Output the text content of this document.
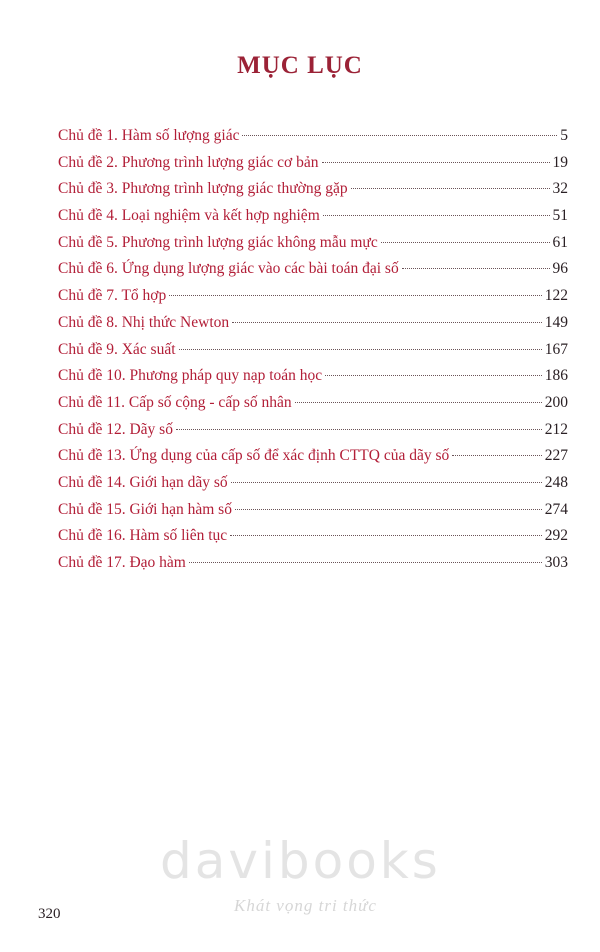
MỤC LỤC
Chủ đề 1. Hàm số lượng giác	5
Chủ đề 2. Phương trình lượng giác cơ bản	19
Chủ đề 3. Phương trình lượng giác thường gặp	32
Chủ đề 4. Loại nghiệm và kết hợp nghiệm	51
Chủ đề 5. Phương trình lượng giác không mẫu mực	61
Chủ đề 6. Ứng dụng lượng giác vào các bài toán đại số	96
Chủ đề 7. Tổ hợp	122
Chủ đề 8. Nhị thức Newton	149
Chủ đề 9. Xác suất	167
Chủ đề 10. Phương pháp quy nạp toán học	186
Chủ đề 11. Cấp số cộng - cấp số nhân	200
Chủ đề 12. Dãy số	212
Chủ đề 13. Ứng dụng của cấp số để xác định CTTQ của dãy số	227
Chủ đề 14. Giới hạn dãy số	248
Chủ đề 15. Giới hạn hàm số	274
Chủ đề 16. Hàm số liên tục	292
Chủ đề 17. Đạo hàm	303
davibooks
Khát vọng tri thức
320
